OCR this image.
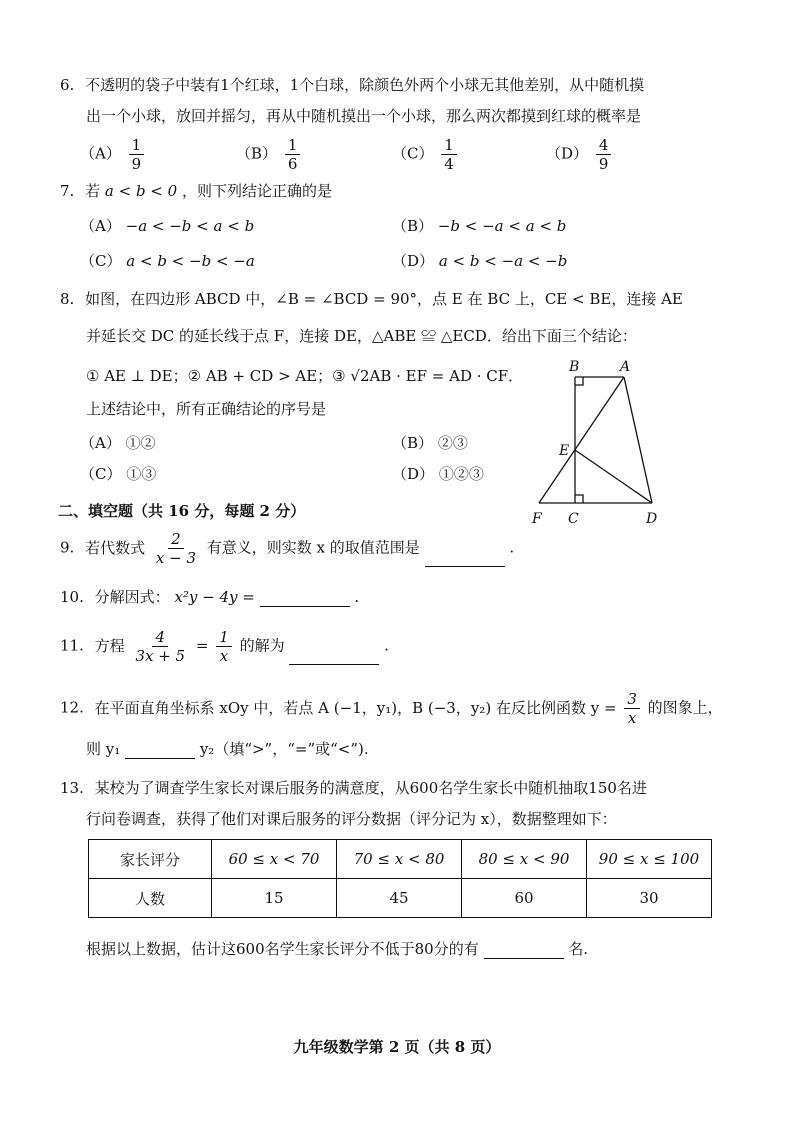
6. 不透明的袋子中装有1个红球，1个白球，除颜色外两个小球无其他差别，从中随机摸
出一个小球，放回并摇匀，再从中随机摸出一个小球，那么两次都摸到红球的概率是
$(A) \frac{1}{9}$	$(B) \frac{1}{6}$	$(C) \frac{1}{4}$	$(D) \frac{4}{9}$
7. 若 a < b < 0 ，则下列结论正确的是
（A） −a < −b < a < b	（B） −b < −a < a < b
（C） a < b < −b < −a	（D） a < b < −a < −b
8. 如图，在四边形 ABCD 中，∠B = ∠BCD = 90°，点 E 在 BC 上，CE < BE，连接 AE
并延长交 DC 的延长线于点 F，连接 DE，△ABE ≌ △ECD．给出下面三个结论：
① AE ⊥ DE；② AB + CD > AE；③ √2AB · EF = AD · CF．
上述结论中，所有正确结论的序号是
（A） ①②	（B） ②③
（C） ①③	（D） ①②③
B	A
E
F C	D
二、填空题（共 16 分，每题 2 分）
9. 若代数式 $\frac{2}{x - 3}$ 有意义，则实数 x 的取值范围是	.
10. 分解因式： x²y − 4y =	.
11. 方程 $\frac{4}{3x + 5} = \frac{1}{x}$ 的解为	.
12. 在平面直角坐标系 xOy 中，若点 A (−1，y₁)，B (−3，y₂) 在反比例函数 $y = \frac{3}{x}$ 的图象上，
则 y₁	y₂（填“>”，“=”或“<”).
13. 某校为了调查学生家长对课后服务的满意度，从600名学生家长中随机抽取150名进
行问卷调查，获得了他们对课后服务的评分数据（评分记为 x），数据整理如下：
家长评分	60 ≤ x < 70	70 ≤ x < 80	80 ≤ x < 90	90 ≤ x ≤ 100
人数	15	45	60	30
根据以上数据，估计这600名学生家长评分不低于80分的有	名.
九年级数学第 2 页（共 8 页）
